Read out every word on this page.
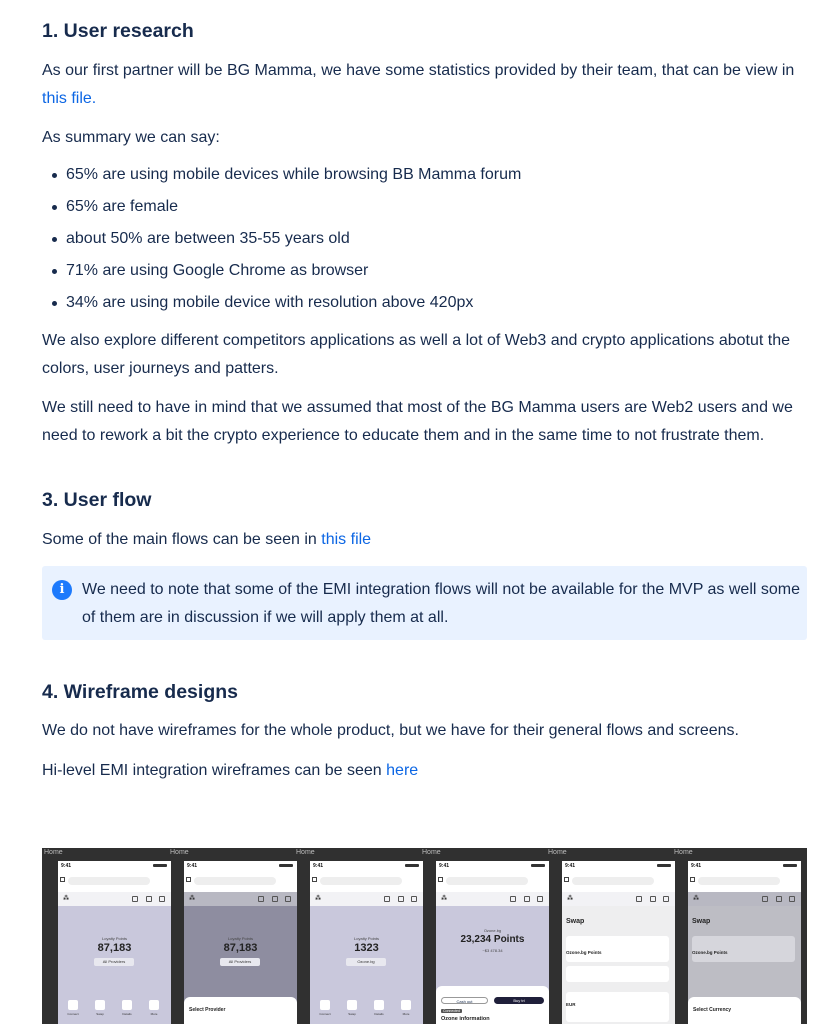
1. User research

As our first partner will be BG Mamma, we have some statistics provided by their team, that can be view in this file.

As summary we can say:

65% are using mobile devices while browsing BB Mamma forum
65% are female
about 50% are between 35-55 years old
71% are using Google Chrome as browser
34% are using mobile device with resolution above 420px

We also explore different competitors applications as well a lot of Web3 and crypto applications abotut the colors, user journeys and patters.

We still need to have in mind that we assumed that most of the BG Mamma users are Web2 users and we need to rework a bit the crypto experience to educate them and in the same time to not frustrate them.

3. User flow

Some of the main flows can be seen in this file

i	We need to note that some of the EMI integration flows will not be available for the MVP as well some of them are in discussion if we will apply them at all.
4. Wireframe designs

We do not have wireframes for the whole product, but we have for their general flows and screens.

Hi-level EMI integration wireframes can be seen here

Home
9:41
⁂
Loyalty Points
87,183
All Providers
Connect	Swap	Details	More
Home
9:41
⁂
Loyalty Points
87,183
All Providers
Select Provider
Home
9:41
⁂
Loyalty Points
1323
Ozone.bg
Connect	Swap	Details	More
Home
9:41
⁂
Ozone.bg
23,234 Points
~$3 478.34
Cash out	Buy tri
Connected
Ozone information
Home
9:41
⁂
Swap
Ozone.bg Points
EUR
Home
9:41
⁂
Swap
Ozone.bg Points
Select Currency
